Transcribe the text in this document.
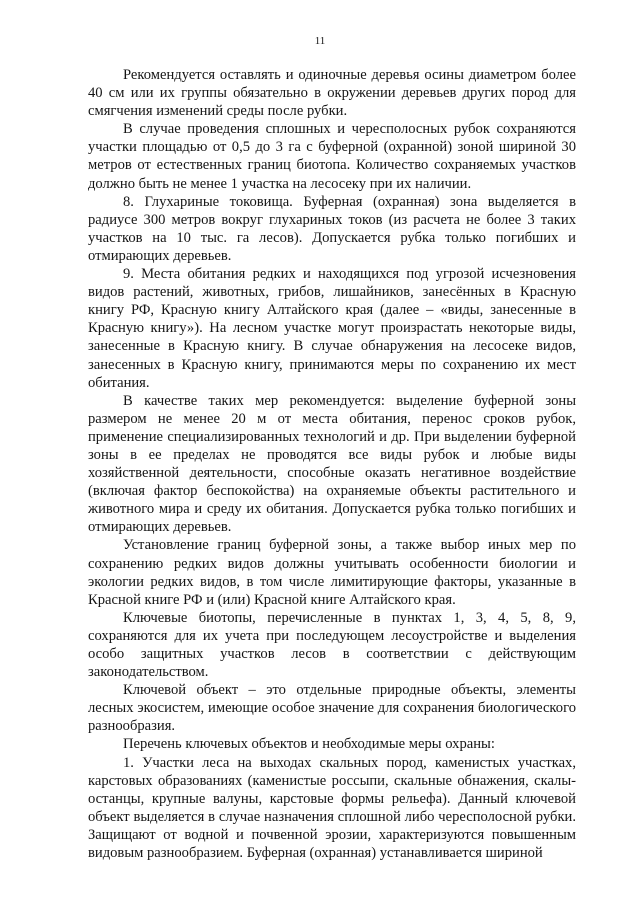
11

Рекомендуется оставлять и одиночные деревья осины диаметром более 40 см или их группы обязательно в окружении деревьев других пород для смягчения изменений среды после рубки.

В случае проведения сплошных и чересполосных рубок сохраняются участки площадью от 0,5 до 3 га с буферной (охранной) зоной шириной 30 метров от естественных границ биотопа. Количество сохраняемых участков должно быть не менее 1 участка на лесосеку при их наличии.

8. Глухариные токовища. Буферная (охранная) зона выделяется в радиусе 300 метров вокруг глухариных токов (из расчета не более 3 таких участков на 10 тыс. га лесов). Допускается рубка только погибших и отмирающих деревьев.

9. Места обитания редких и находящихся под угрозой исчезновения видов растений, животных, грибов, лишайников, занесённых в Красную книгу РФ, Красную книгу Алтайского края (далее – «виды, занесенные в Красную книгу»). На лесном участке могут произрастать некоторые виды, занесенные в Красную книгу. В случае обнаружения на лесосеке видов, занесенных в Красную книгу, принимаются меры по сохранению их мест обитания.

В качестве таких мер рекомендуется: выделение буферной зоны размером не менее 20 м от места обитания, перенос сроков рубок, применение специализированных технологий и др. При выделении буферной зоны в ее пределах не проводятся все виды рубок и любые виды хозяйственной деятельности, способные оказать негативное воздействие (включая фактор беспокойства) на охраняемые объекты растительного и животного мира и среду их обитания. Допускается рубка только погибших и отмирающих деревьев.

Установление границ буферной зоны, а также выбор иных мер по сохранению редких видов должны учитывать особенности биологии и экологии редких видов, в том числе лимитирующие факторы, указанные в Красной книге РФ и (или) Красной книге Алтайского края.

Ключевые биотопы, перечисленные в пунктах 1, 3, 4, 5, 8, 9, сохраняются для их учета при последующем лесоустройстве и выделения особо защитных участков лесов в соответствии с действующим законодательством.

Ключевой объект – это отдельные природные объекты, элементы лесных экосистем, имеющие особое значение для сохранения биологического разнообразия.

Перечень ключевых объектов и необходимые меры охраны:

1. Участки леса на выходах скальных пород, каменистых участках, карстовых образованиях (каменистые россыпи, скальные обнажения, скалы-останцы, крупные валуны, карстовые формы рельефа). Данный ключевой объект выделяется в случае назначения сплошной либо чересполосной рубки. Защищают от водной и почвенной эрозии, характеризуются повышенным видовым разнообразием. Буферная (охранная) устанавливается шириной
